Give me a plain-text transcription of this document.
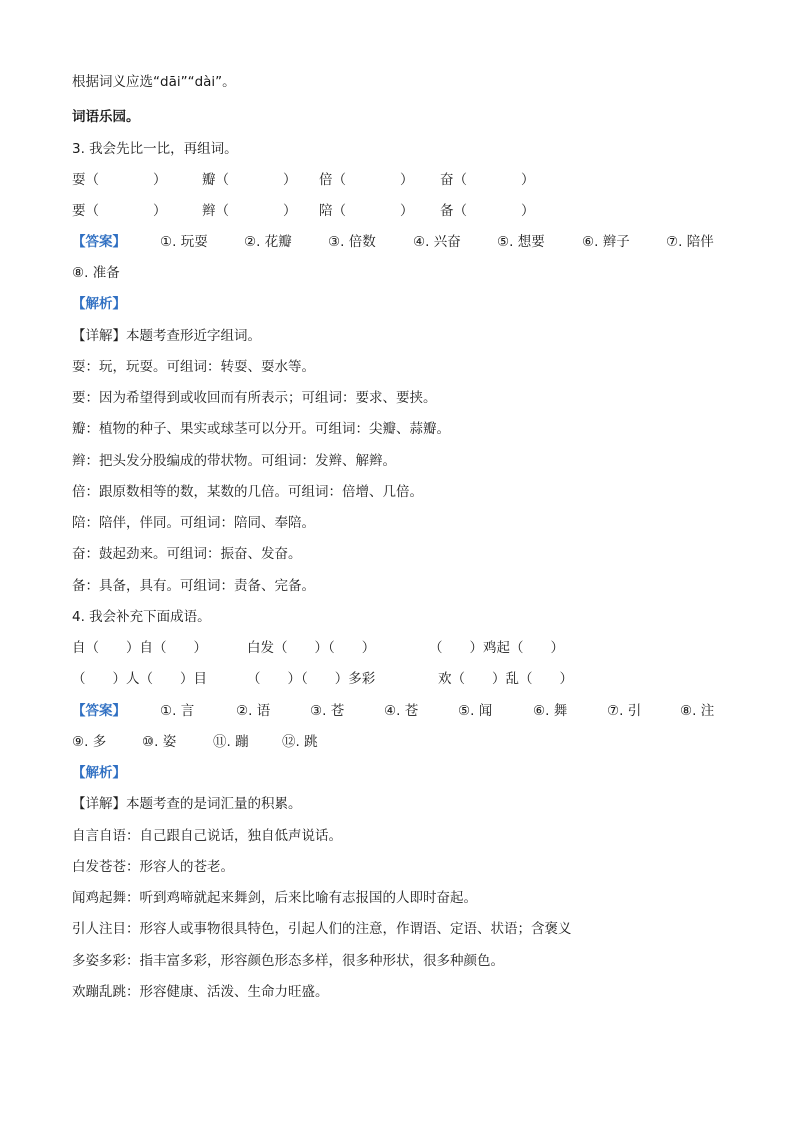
根据词义应选“dāi”“dài”。
词语乐园。
3. 我会先比一比，再组词。
耍（　　　　）	瓣（　　　　） 倍（　　　　） 奋（　　　　）
要（　　　　）	辫（　　　　） 陪（　　　　） 备（　　　　）
【答案】	①. 玩耍	②. 花瓣	③. 倍数	④. 兴奋	⑤. 想要	⑥. 辫子	⑦. 陪伴
⑧. 准备
【解析】
【详解】本题考查形近字组词。
耍：玩，玩耍。可组词：转耍、耍水等。
要：因为希望得到或收回而有所表示；可组词：要求、要挟。
瓣：植物的种子、果实或球茎可以分开。可组词：尖瓣、蒜瓣。
辫：把头发分股编成的带状物。可组词：发辫、解辫。
倍：跟原数相等的数，某数的几倍。可组词：倍增、几倍。
陪：陪伴，伴同。可组词：陪同、奉陪。
奋：鼓起劲来。可组词：振奋、发奋。
备：具备，具有。可组词：责备、完备。
4. 我会补充下面成语。
自（　　）自（　　）	白发（　　）（　　）	（　　）鸡起（　　）
（　　）人（　　）目	（　　）（　　）多彩	欢（　　）乱（　　）
【答案】	①. 言	②. 语	③. 苍	④. 苍	⑤. 闻	⑥. 舞	⑦. 引	⑧. 注
⑨. 多	⑩. 姿	⑪. 蹦 ⑫. 跳
【解析】
【详解】本题考查的是词汇量的积累。
自言自语：自己跟自己说话，独自低声说话。
白发苍苍：形容人的苍老。
闻鸡起舞：听到鸡啼就起来舞剑，后来比喻有志报国的人即时奋起。
引人注目：形容人或事物很具特色，引起人们的注意，作谓语、定语、状语；含褒义
多姿多彩：指丰富多彩，形容颜色形态多样，很多种形状，很多种颜色。
欢蹦乱跳：形容健康、活泼、生命力旺盛。
